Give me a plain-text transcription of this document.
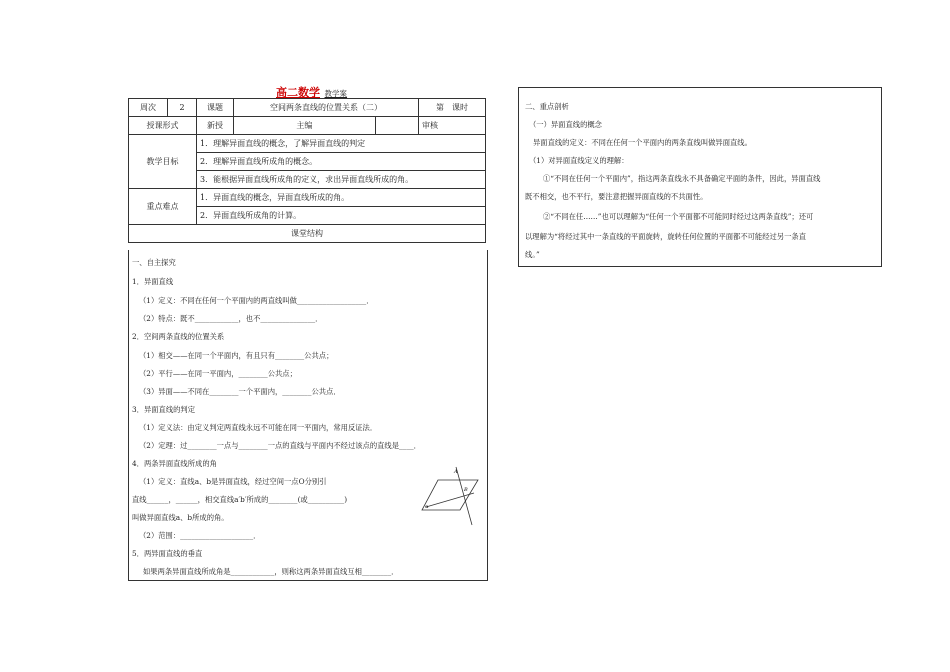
高二数学 教学案
周次	2	课题	空间两条直线的位置关系（二）		第　课时
授课形式		新授	主编		审核
教学目标		1．理解异面直线的概念，了解异面直线的判定			
		2．理解异面直线所成角的概念。			
		3．能根据异面直线所成角的定义，求出异面直线所成的角。			
重点难点		1．异面直线的概念，异面直线所成的角。			
		2．异面直线所成角的计算。			
课堂结构					
一、自主探究
1．异面直线
（1）定义：不同在任何一个平面内的两直线叫做___________________．
（2）特点：既不____________，也不_______________．
2．空间两条直线的位置关系
（1）相交——在同一个平面内，有且只有________公共点；
（2）平行——在同一平面内，________公共点；
（3）异面——不同在________一个平面内，________公共点．
3．异面直线的判定
（1）定义法：由定义判定两直线永远不可能在同一平面内，常用反证法．
（2）定理：过________一点与________一点的直线与平面内不经过该点的直线是____．
4．两条异面直线所成的角
（1）定义：直线a、b是异面直线，经过空间一点O分别引
直线______，______，相交直线a′b′所成的________(或__________)
叫做异面直线a、b所成的角。
（2）范围：____________________．
5．两异面直线的垂直
如果两条异面直线所成角是____________，则称这两条异面直线互相________．
A
B
α
二、重点剖析
（一）异面直线的概念
异面直线的定义：不同在任何一个平面内的两条直线叫做异面直线。
（1）对异面直线定义的理解：
①“不同在任何一个平面内”，指这两条直线永不具备确定平面的条件，因此，异面直线
既不相交，也不平行，要注意把握异面直线的不共面性。
②“不同在任……”也可以理解为“任何一个平面都不可能同时经过这两条直线”；还可
以理解为“将经过其中一条直线的平面旋转，旋转任何位置的平面都不可能经过另一条直
线。”
